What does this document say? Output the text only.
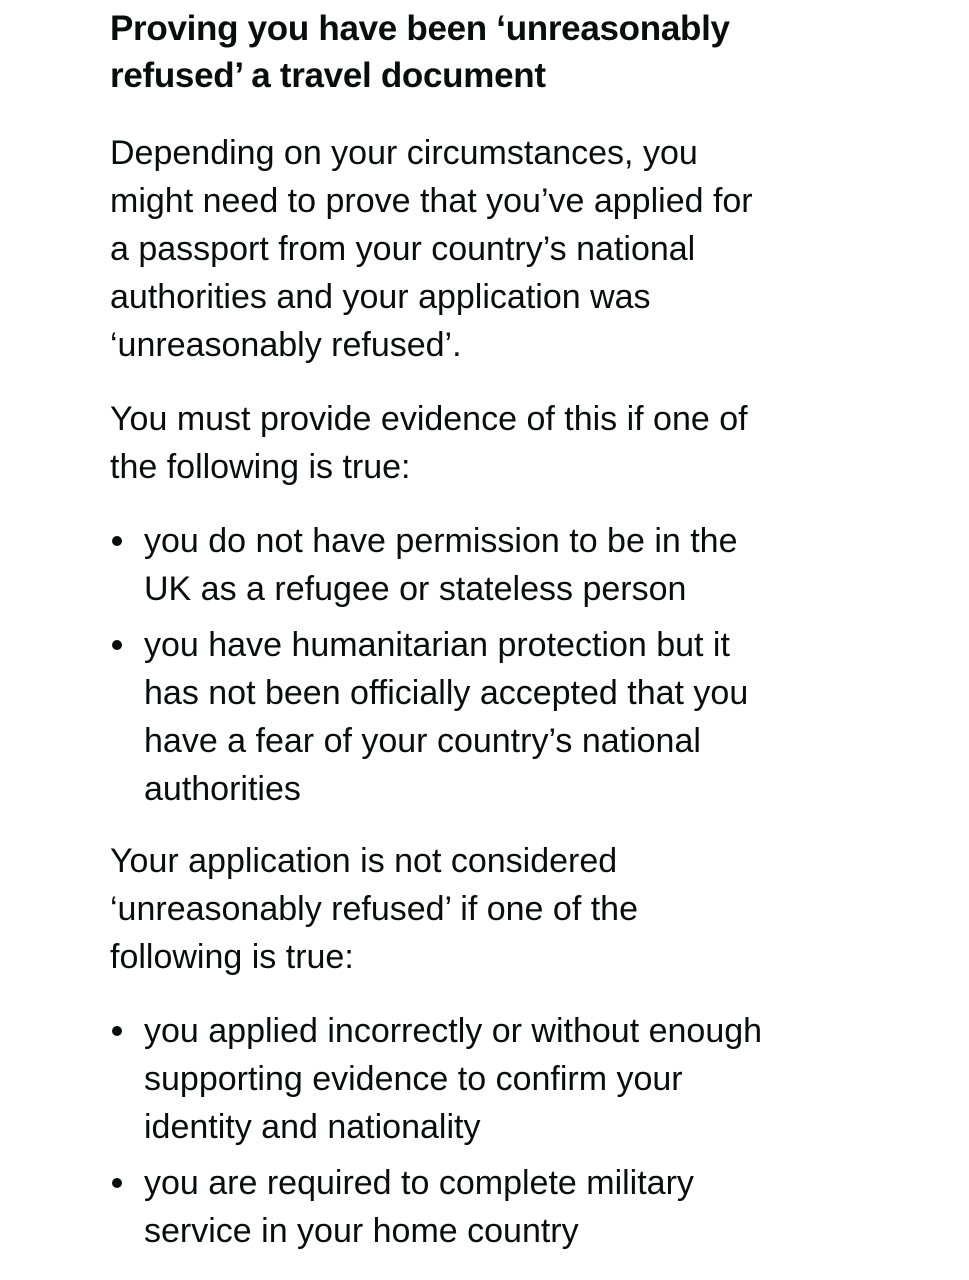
Proving you have been ‘unreasonably refused’ a travel document

Depending on your circumstances, you might need to prove that you’ve applied for a passport from your country’s national authorities and your application was ‘unreasonably refused’.

You must provide evidence of this if one of the following is true:

you do not have permission to be in the UK as a refugee or stateless person
you have humanitarian protection but it has not been officially accepted that you have a fear of your country’s national authorities

Your application is not considered ‘unreasonably refused’ if one of the following is true:

you applied incorrectly or without enough supporting evidence to confirm your identity and nationality
you are required to complete military service in your home country
